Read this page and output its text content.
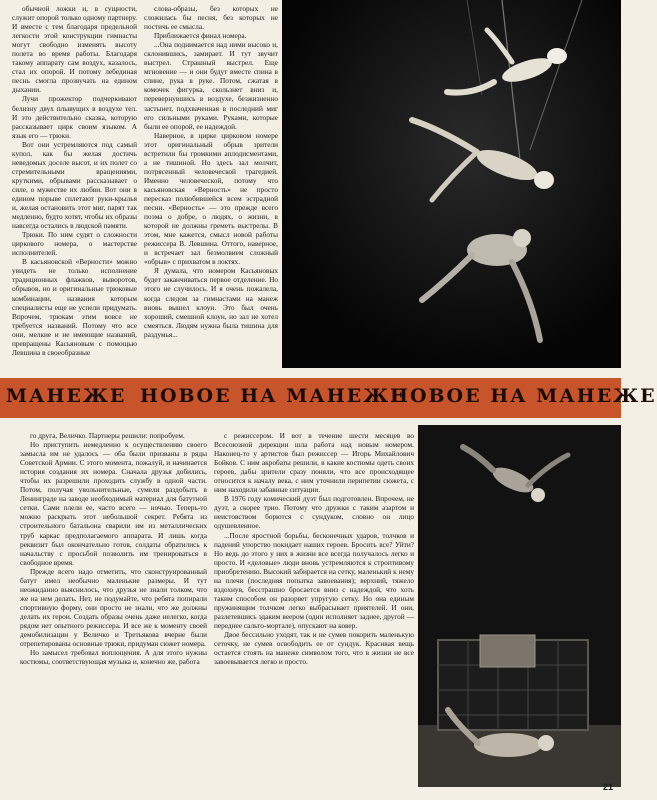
обычной ложки и, в сущности, служит опорой только одному партнеру. И вместе с тем благодаря предельной легкости этой конструкции гимнасты могут свободно изменять высоту полета во время работы. Благодаря такому аппарату сам воздух, казалось, стал их опорой. И потому лебединая песнь смогла прозвучать на едином дыхании.

Лучи прожектор подчеркивают белизну двух плывущих в воздухе тел. И это действительно сказка, которую рассказывает цирк своим языком. А язык его — трюки.

Вот они устремляются под самый купол, как бы желая достичь неведомых доселе высот, и их полет со стремительными вращениями, круткими, обрывами рассказывает о силе, о мужестве их любви. Вот они в едином порыве сплетают руки-крылья и, желая остановить этот миг, парят так медленно, будто хотят, чтобы их образы навсегда остались в людской памяти.

Трюки. По ним судят о сложности циркового номера, о мастерстве исполнителей.

В касьяновской «Верности» можно увидеть не только исполнение традиционных флажков, выворотов, обрывов, но и оригинальные трюковые комбинации, названия которым специалисты еще не успели придумать. Впрочем, трюкам этим вовсе не требуется названий. Потому что все они, мелкие и не имеющие названий, превращены Касьяновым с помощью Левшина в своеобразные

слова-образы, без которых не сложилась бы песня, без которых не постичь ее смысла.

Приближается финал номера.

...Она поднимается над ними высоко и, склонившись, замирает. И тут звучит выстрел. Страшный выстрел. Еще мгновение — и они будут вместе спина в спине, рука в руке. Потом, сжатая в комочек фигурка, скользнет вниз и, перевернувшись в воздухе, безжизненно застынет, подхваченная в последний миг его сильными руками. Руками, которые были ее опорой, ее надеждой.

Наверное, в цирке цирковом номере этот оригинальный обрыв зрители встретили бы громкими аплодисментами, а не тишиной. Но здесь зал молчит, потрясенный человеческой трагедией. Именно человеческой, потому что касьяновская «Верность» не просто пересказ полюбившейся всем эстрадной песни. «Верность» — это прежде всего поэма о добре, о людях, о жизни, в которой не должны греметь выстрелы. В этом, мне кажется, смысл новой работы режиссера В. Левшина. Оттого, наверное, и встречает зал безмолвием сложный «обрыв» с прихватом в локтях.

Я думала, что номером Касьяновых будет заканчиваться первое отделение. Но этого не случилось. И я очень пожалела, когда следом за гимнастами на манеж вновь вышел клоун. Это был очень хороший, смешной клоун, но зал не хотел смеяться. Людям нужна была тишина для раздумья...

МАНЕЖЕ НОВОЕ НА МАНЕЖЕ
НОВОЕ НА МАНЕЖЕ

го друга, Величко. Партнеры решили: попробуем.

Но приступить немедленно к осуществлению своего замысла им не удалось — оба были призваны в ряды Советской Армии. С этого момента, пожалуй, и начинается история создания их номера. Сначала друзья добились, чтобы их разрешили проходить службу в одной части. Потом, получая увольнительные, сумели раздобыть в Ленинграде на заводе необходимый материал для батутной сетки. Сами плели ее, часто всего — ночью. Теперь-то можно раскрыть этот небольшой секрет. Ребята из строительного батальона сварили им из металлических труб каркас предполагаемого аппарата. И лишь когда реквизит был окончательно готов, солдаты обратились к начальству с просьбой позволить им тренироваться в свободное время.

Прежде всего надо отметить, что сконструированный батут имел необычно маленькие размеры. И тут неожиданно выяснилось, что друзья не знали толком, что же на нем делать. Нет, не подумайте, что ребята попирали спортивную форму, они просто не знали, что же должны делать их герои. Создать образы очень даже нелегко, когда рядом нет опытного режиссера. И все же к моменту своей демобилизации у Величко и Третьякова вчерне были отрепетированы основные трюки, придуман сюжет номера.

Но замысел требовал воплощения. А для этого нужны костюмы, соответствующая музыка и, конечно же, работа

с режиссером. И вот в течение шести месяцев во Всесоюзной дирекции шла работа над новым номером. Наконец-то у артистов был режиссер — Игорь Михайлович Бойков. С ним акробаты решили, в какие костюмы одеть своих героев, дабы зрители сразу поняли, что все происходящее относится к началу века, с ним уточнили перипетии сюжета, с ним находили забавные ситуации.

В 1976 году комический дуэт был подготовлен. Впрочем, не дуэт, а скорее трио. Потому что дружки с таким азартом и неистовством борются с сундуком, словно он лицо одушевленное.

...После яростной борьбы, бесконечных ударов, толчков и падений упорство покидает наших героев. Бросить все? Уйти? Но ведь до этого у них в жизни все всегда получалось легко и просто. И «деловые» люди вновь устремляются к строптивому приобретению. Высокий забирается на сетку, маленький к нему на плечи (последняя попытка завоевания); верхний, тяжело вздохнув, бесстрашно бросается вниз с надеждой, что хоть таким способом он разорвет упругую сетку. Но она единым пружинящим толчком легко выбрасывает приятелей. И они, разлетевшись эдаким веером (один исполняет заднее, другой — переднее сальто-мортале), опускают на ковер.

Двое бессильно уходят, так и не сумев покорить маленькую сеточку, не сумев освободить ее от сундук. Красивая вещь остается стоять на манеже символом того, что в жизни не все завоевывается легко и просто.

21
